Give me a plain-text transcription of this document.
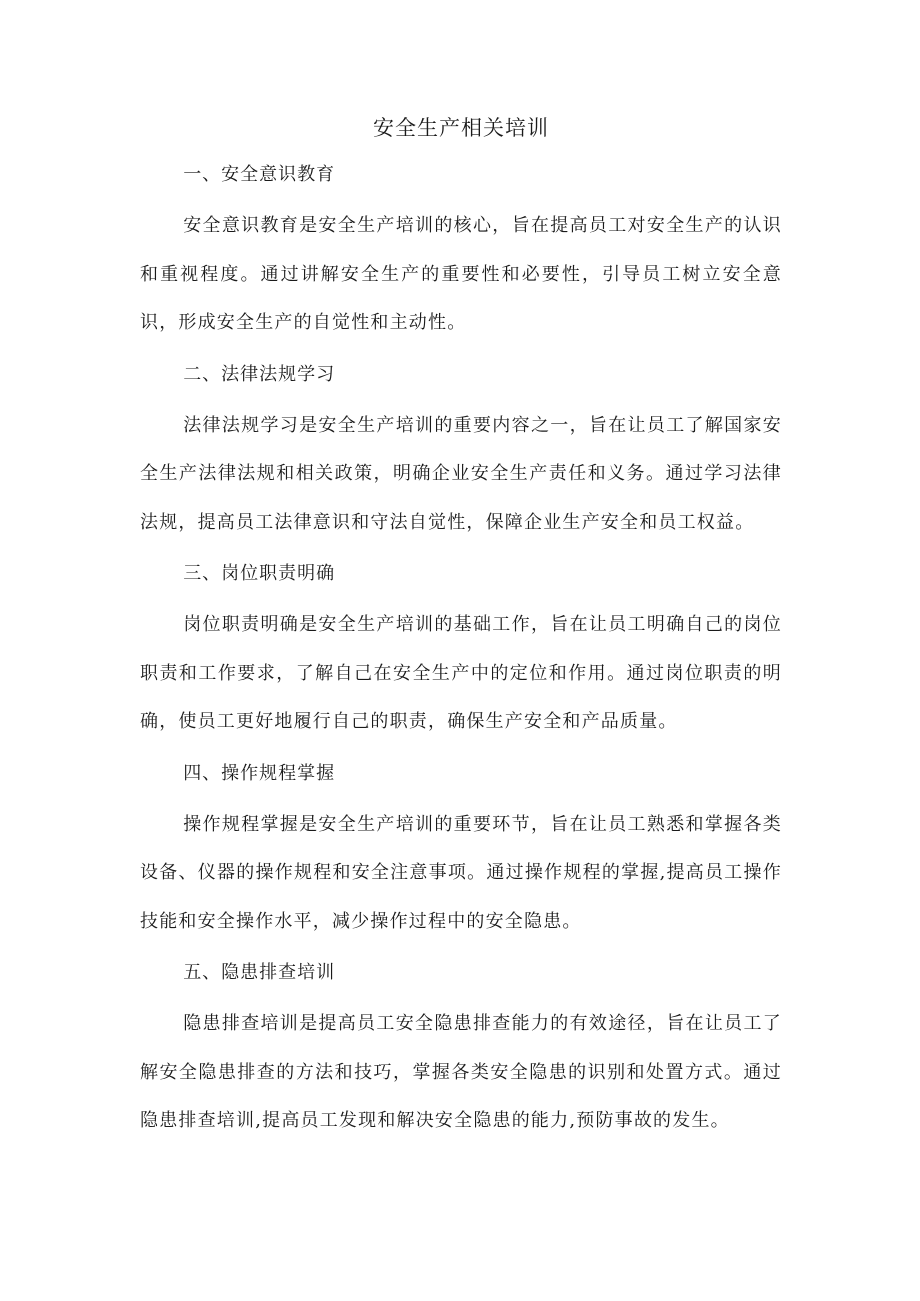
安全生产相关培训
一、安全意识教育

安全意识教育是安全生产培训的核心，旨在提高员工对安全生产的认识和重视程度。通过讲解安全生产的重要性和必要性，引导员工树立安全意识，形成安全生产的自觉性和主动性。

二、法律法规学习

法律法规学习是安全生产培训的重要内容之一，旨在让员工了解国家安全生产法律法规和相关政策，明确企业安全生产责任和义务。通过学习法律法规，提高员工法律意识和守法自觉性，保障企业生产安全和员工权益。

三、岗位职责明确

岗位职责明确是安全生产培训的基础工作，旨在让员工明确自己的岗位职责和工作要求，了解自己在安全生产中的定位和作用。通过岗位职责的明确，使员工更好地履行自己的职责，确保生产安全和产品质量。

四、操作规程掌握

操作规程掌握是安全生产培训的重要环节，旨在让员工熟悉和掌握各类设备、仪器的操作规程和安全注意事项。通过操作规程的掌握,提高员工操作技能和安全操作水平，减少操作过程中的安全隐患。

五、隐患排查培训

隐患排查培训是提高员工安全隐患排查能力的有效途径，旨在让员工了解安全隐患排查的方法和技巧，掌握各类安全隐患的识别和处置方式。通过隐患排查培训,提高员工发现和解决安全隐患的能力,预防事故的发生。
